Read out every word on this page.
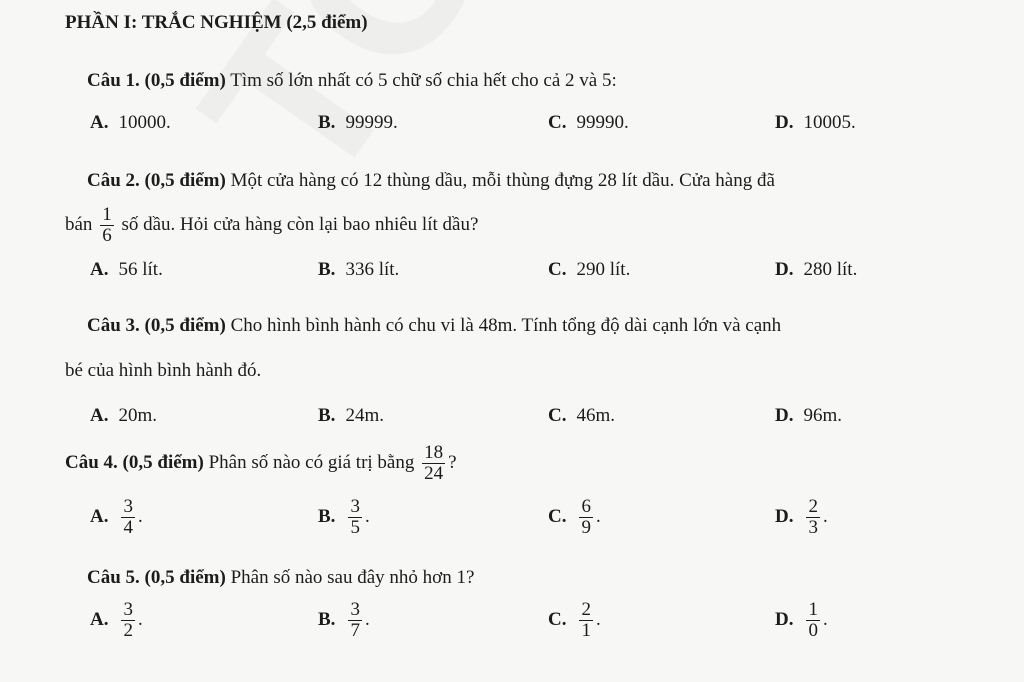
PHẦN I: TRẮC NGHIỆM (2,5 điểm)
Câu 1. (0,5 điểm) Tìm số lớn nhất có 5 chữ số chia hết cho cả 2 và 5:
A. 10000.	B. 99999.	C. 99990.	D. 10005.
Câu 2. (0,5 điểm) Một cửa hàng có 12 thùng dầu, mỗi thùng đựng 28 lít dầu. Cửa hàng đã
bán $\frac{1}{6}$ số dầu. Hỏi cửa hàng còn lại bao nhiêu lít dầu?
A. 56 lít.	B. 336 lít.	C. 290 lít.	D. 280 lít.
Câu 3. (0,5 điểm) Cho hình bình hành có chu vi là 48m. Tính tổng độ dài cạnh lớn và cạnh
bé của hình bình hành đó.
A. 20m.	B. 24m.	C. 46m.	D. 96m.
Câu 4. (0,5 điểm) Phân số nào có giá trị bằng $\frac{18}{24}$ ?
A. $\frac{3}{4}$ .	B. $\frac{3}{5}$ .	C. $\frac{6}{9}$ .	D. $\frac{2}{3}$ .
Câu 5. (0,5 điểm) Phân số nào sau đây nhỏ hơn 1?
A. $\frac{3}{2}$ .	B. $\frac{3}{7}$ .	C. $\frac{2}{1}$ .	D. $\frac{1}{0}$ .
